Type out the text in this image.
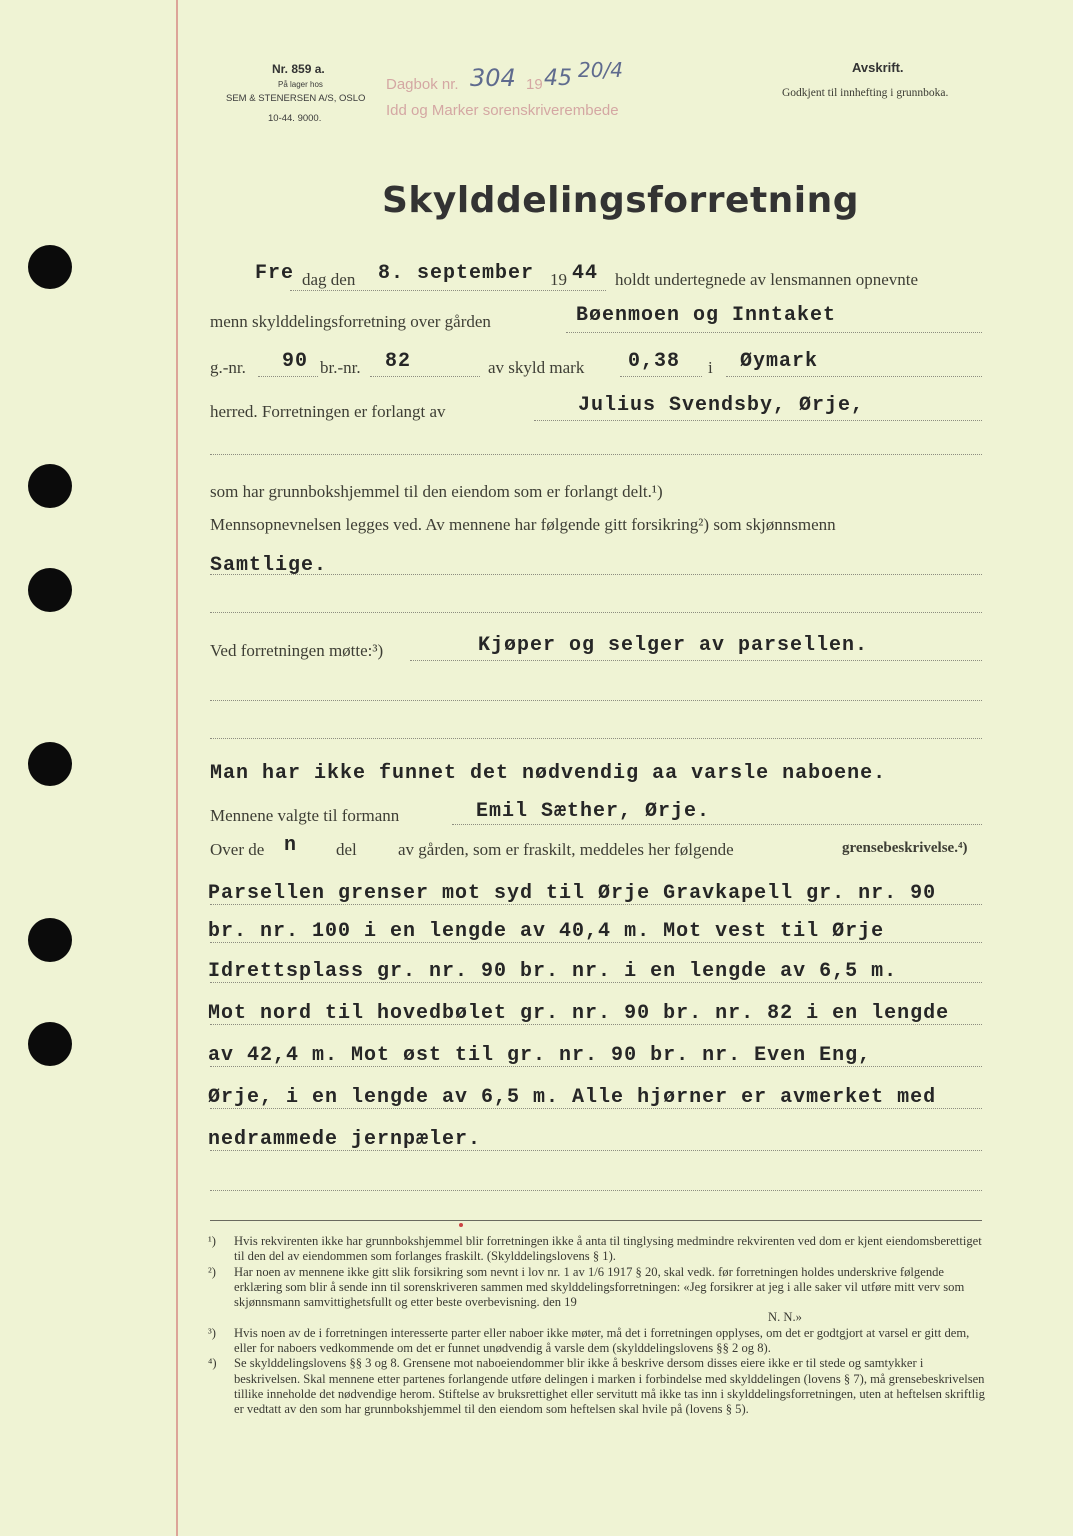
Nr. 859 a.
På lager hos
SEM & STENERSEN A/S, OSLO
10-44. 9000.
Dagbok nr. 304 19 45 20/4
Idd og Marker sorenskriverembede
Avskrift.
Godkjent til innhefting i grunnboka.
Skylddelingsforretning
Fre dag den 8. september 19 44 holdt undertegnede av lensmannen opnevnte
menn skylddelingsforretning over gården	Bøenmoen og Inntaket
g.-nr. 90 br.-nr. 82	av skyld mark 0,38 i Øymark
herred. Forretningen er forlangt av	Julius Svendsby, Ørje,
som har grunnbokshjemmel til den eiendom som er forlangt delt.¹)
Mennsopnevnelsen legges ved. Av mennene har følgende gitt forsikring²) som skjønnsmenn
Samtlige.
Ved forretningen møtte:³)	Kjøper og selger av parsellen.
Man har ikke funnet det nødvendig aa varsle naboene.
Mennene valgte til formann	Emil Sæther, Ørje.
Over de n del av gården, som er fraskilt, meddeles her følgende	grensebeskrivelse.⁴)
Parsellen grenser mot syd til Ørje Gravkapell gr. nr. 90
br. nr. 100 i en lengde av 40,4 m. Mot vest til Ørje
Idrettsplass gr. nr. 90 br. nr. i en lengde av 6,5 m.
Mot nord til hovedbølet gr. nr. 90 br. nr. 82 i en lengde
av 42,4 m. Mot øst til gr. nr. 90 br. nr. Even Eng,
Ørje, i en lengde av 6,5 m. Alle hjørner er avmerket med
nedrammede jernpæler.

¹) Hvis rekvirenten ikke har grunnbokshjemmel blir forretningen ikke å anta til tinglysing medmindre rekvirenten ved dom er kjent eiendomsberettiget til den del av eiendommen som forlanges fraskilt. (Skylddelingslovens § 1).

²) Har noen av mennene ikke gitt slik forsikring som nevnt i lov nr. 1 av 1/6 1917 § 20, skal vedk. før forretningen holdes underskrive følgende erklæring som blir å sende inn til sorenskriveren sammen med skylddelingsforretningen: «Jeg forsikrer at jeg i alle saker vil utføre mitt verv som skjønnsmann samvittighetsfullt og etter beste overbevisning. den 19

N. N.»

³) Hvis noen av de i forretningen interesserte parter eller naboer ikke møter, må det i forretningen opplyses, om det er godtgjort at varsel er gitt dem, eller for naboers vedkommende om det er funnet unødvendig å varsle dem (skylddelingslovens §§ 2 og 8).

⁴) Se skylddelingslovens §§ 3 og 8. Grensene mot naboeiendommer blir ikke å beskrive dersom disses eiere ikke er til stede og samtykker i beskrivelsen. Skal mennene etter partenes forlangende utføre delingen i marken i forbindelse med skylddelingen (lovens § 7), må grensebeskrivelsen tillike inneholde det nødvendige herom. Stiftelse av bruksrettighet eller servitutt må ikke tas inn i skylddelingsforretningen, uten at heftelsen skriftlig er vedtatt av den som har grunnbokshjemmel til den eiendom som heftelsen skal hvile på (lovens § 5).
